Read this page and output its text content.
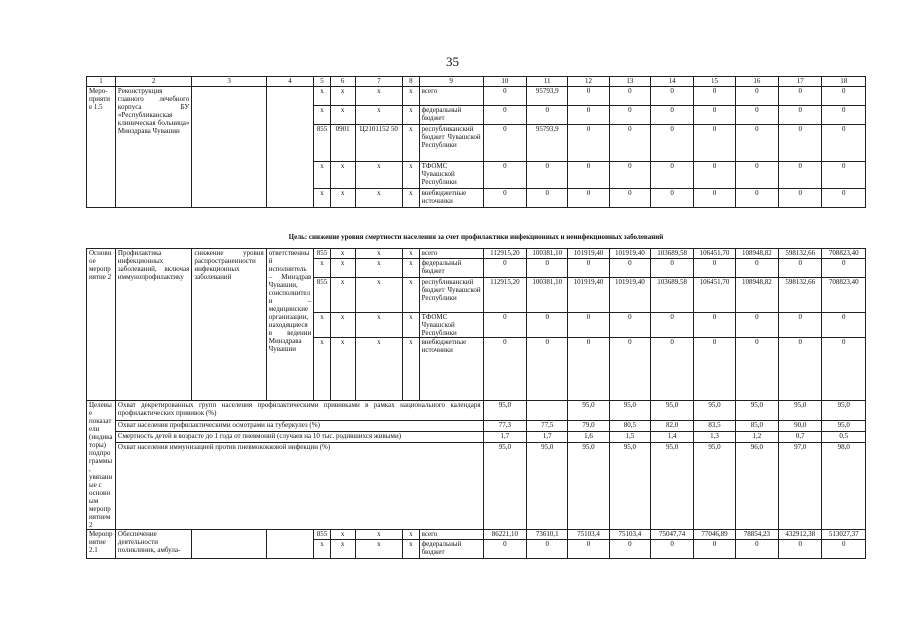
35
1	2	3	4	5	6	7	8	9	10	11	12	13	14	15	16	17	18
Меро-приятие 1.5	Реконструкция главного лечебного корпуса БУ «Республиканская клиническая больница» Минздрава Чувашии			x	x	x	x	всего	0	95793,9	0	0	0	0	0	0	0
				x	x	x	x	федеральный бюджет	0	0	0	0	0	0	0	0	0
				855	0901	Ц2101152 50	x	республиканский бюджет Чувашской Республики	0	95793,9	0	0	0	0	0	0	0
				x	x	x	x	ТФОМС Чувашской Республики	0	0	0	0	0	0	0	0	0
				x	x	x	x	внебюджетные источники	0	0	0	0	0	0	0	0	0
Цель: снижение уровня смертности населения за счет профилактики инфекционных и неинфекционных заболеваний
Основное мероприятие 2	Профилактика инфекционных заболеваний, включая иммунопрофилактику	снижение уровня распространенности инфекционных заболеваний	ответственный исполнитель – Минздрав Чувашии, соисполнители – медицинские организации, находящиеся в ведении Минздрава Чувашии	855	x	x	x	всего	112915,20	100381,10	101919,40	101919,40	103689,58	106451,70	108948,82	598132,66	708823,40
				x	x	x	x	федеральный бюджет	0	0	0	0	0	0	0	0	0
				855	x	x	x	республиканский бюджет Чувашской Республики	112915,20	100381,10	101919,40	101919,40	103689,58	106451,70	108948,82	598132,66	708823,40
				x	x	x	x	ТФОМС Чувашской Республики	0	0	0	0	0	0	0	0	0
				x	x	x	x	внебюджетные источники	0	0	0	0	0	0	0	0	0
Целевые показатели (индикаторы) подпрограммы, увязанные с основным мероприятием 2	Охват декретированных групп населения профилактическими прививками в рамках национального календаря профилактических прививок (%)								95,0		95,0	95,0	95,0	95,0	95,0	95,0	95,0
	Охват населения профилактическими осмотрами на туберкулез (%)								77,3	77,5	79,0	80,5	82,0	83,5	85,0	90,0	95,0
	Смертность детей в возрасте до 1 года от пневмоний (случаев на 10 тыс. родившихся живыми)								1,7	1,7	1,6	1,5	1,4	1,3	1,2	0,7	0,5
	Охват населения иммунизацией против пневмококковой инфекции (%)								95,0	95,0	95,0	95,0	95,0	95,0	96,0	97,0	98,0
Мероприятие 2.1	Обеспечение деятельности поликлиник, амбула-			855	x	x	x	всего	86221,10	73610,1	75103,4	75103,4	75047,74	77046,89	78854,23	432912,38	513027,37
				x	x	x	x	федеральный бюджет	0	0	0	0	0	0	0	0	0
